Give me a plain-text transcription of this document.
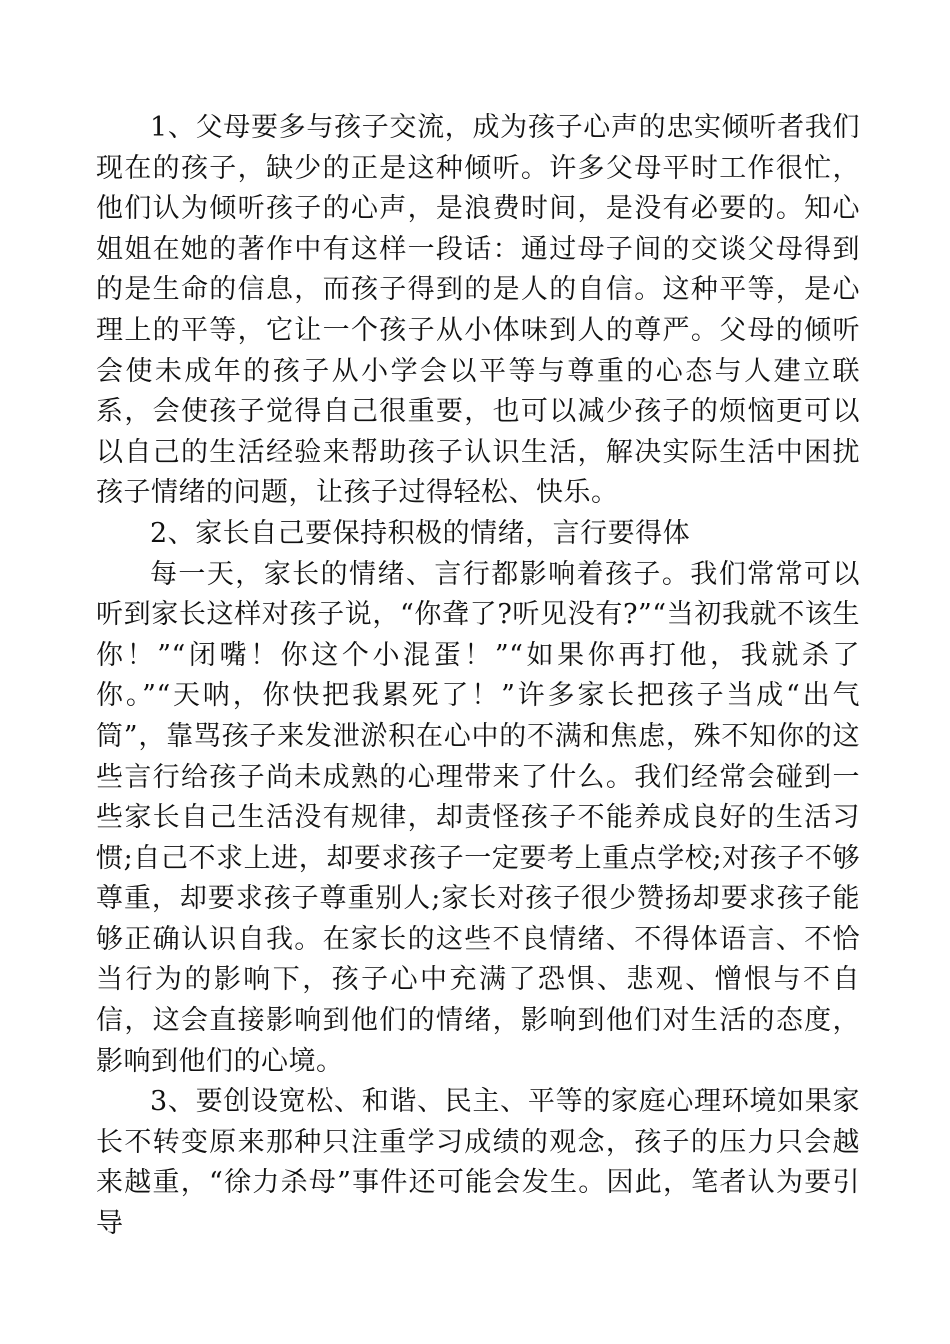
1、父母要多与孩子交流，成为孩子心声的忠实倾听者我们现在的孩子，缺少的正是这种倾听。许多父母平时工作很忙，他们认为倾听孩子的心声，是浪费时间，是没有必要的。知心姐姐在她的著作中有这样一段话：通过母子间的交谈父母得到的是生命的信息，而孩子得到的是人的自信。这种平等，是心理上的平等，它让一个孩子从小体味到人的尊严。父母的倾听会使未成年的孩子从小学会以平等与尊重的心态与人建立联系，会使孩子觉得自己很重要，也可以减少孩子的烦恼更可以以自己的生活经验来帮助孩子认识生活，解决实际生活中困扰孩子情绪的问题，让孩子过得轻松、快乐。

2、家长自己要保持积极的情绪，言行要得体

每一天，家长的情绪、言行都影响着孩子。我们常常可以听到家长这样对孩子说，“你聋了?听见没有?”“当初我就不该生你！”“闭嘴！你这个小混蛋！”“如果你再打他，我就杀了你。”“天呐，你快把我累死了！”许多家长把孩子当成“出气筒”，靠骂孩子来发泄淤积在心中的不满和焦虑，殊不知你的这些言行给孩子尚未成熟的心理带来了什么。我们经常会碰到一些家长自己生活没有规律，却责怪孩子不能养成良好的生活习惯;自己不求上进，却要求孩子一定要考上重点学校;对孩子不够尊重，却要求孩子尊重别人;家长对孩子很少赞扬却要求孩子能够正确认识自我。在家长的这些不良情绪、不得体语言、不恰当行为的影响下，孩子心中充满了恐惧、悲观、憎恨与不自信，这会直接影响到他们的情绪，影响到他们对生活的态度，影响到他们的心境。

3、要创设宽松、和谐、民主、平等的家庭心理环境如果家长不转变原来那种只注重学习成绩的观念，孩子的压力只会越来越重，“徐力杀母”事件还可能会发生。因此，笔者认为要引导
